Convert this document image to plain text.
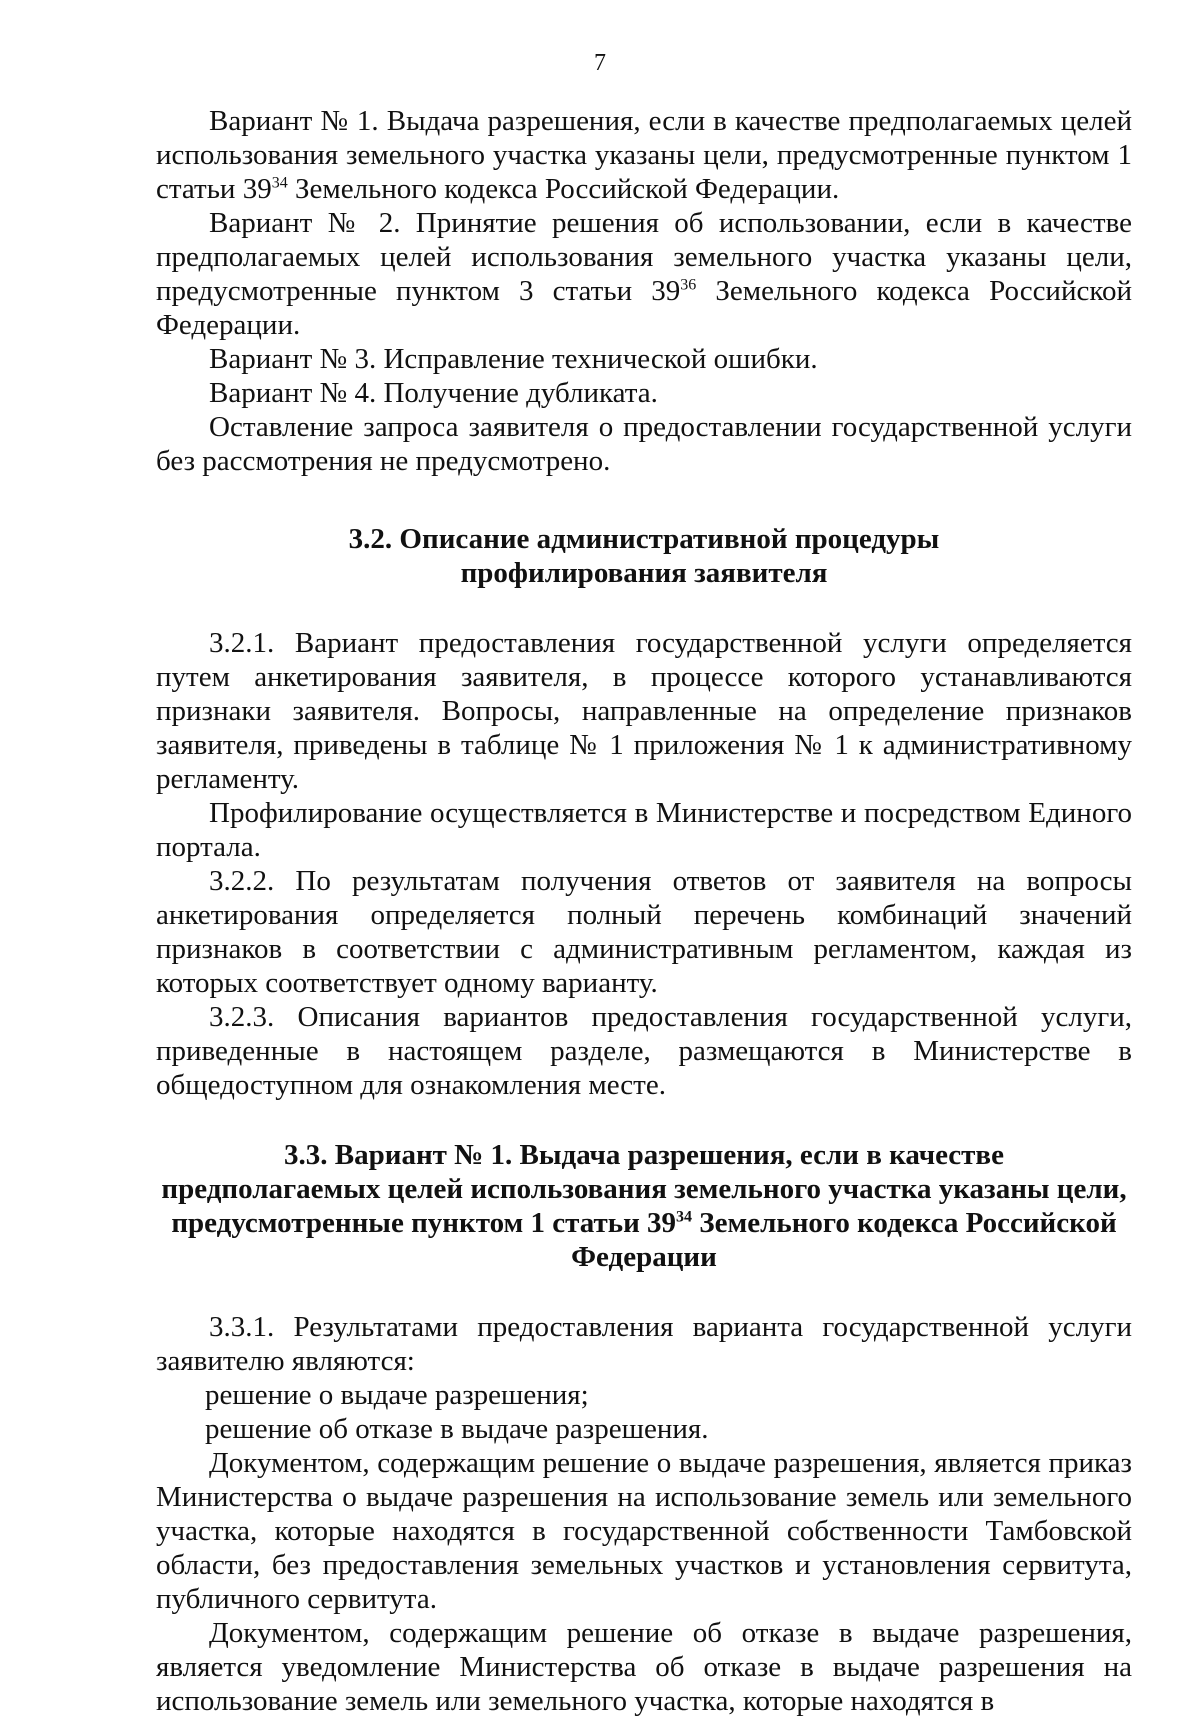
7

Вариант № 1. Выдача разрешения, если в качестве предполагаемых целей использования земельного участка указаны цели, предусмотренные пунктом 1 статьи $39^{34}$ Земельного кодекса Российской Федерации.

Вариант № 2. Принятие решения об использовании, если в качестве предполагаемых целей использования земельного участка указаны цели, предусмотренные пунктом 3 статьи $39^{36}$ Земельного кодекса Российской Федерации.

Вариант № 3. Исправление технической ошибки.

Вариант № 4. Получение дубликата.

Оставление запроса заявителя о предоставлении государственной услуги без рассмотрения не предусмотрено.

3.2. Описание административной процедуры
профилирования заявителя

3.2.1. Вариант предоставления государственной услуги определяется путем анкетирования заявителя, в процессе которого устанавливаются признаки заявителя. Вопросы, направленные на определение признаков заявителя, приведены в таблице № 1 приложения № 1 к административному регламенту.

Профилирование осуществляется в Министерстве и посредством Единого портала.

3.2.2. По результатам получения ответов от заявителя на вопросы анкетирования определяется полный перечень комбинаций значений признаков в соответствии с административным регламентом, каждая из которых соответствует одному варианту.

3.2.3. Описания вариантов предоставления государственной услуги, приведенные в настоящем разделе, размещаются в Министерстве в общедоступном для ознакомления месте.

3.3. Вариант № 1. Выдача разрешения, если в качестве
предполагаемых целей использования земельного участка указаны цели,
предусмотренные пунктом 1 статьи $39^{34}$ Земельного кодекса Российской
Федерации

3.3.1. Результатами предоставления варианта государственной услуги заявителю являются:

решение о выдаче разрешения;

решение об отказе в выдаче разрешения.

Документом, содержащим решение о выдаче разрешения, является приказ Министерства о выдаче разрешения на использование земель или земельного участка, которые находятся в государственной собственности Тамбовской области, без предоставления земельных участков и установления сервитута, публичного сервитута.

Документом, содержащим решение об отказе в выдаче разрешения, является уведомление Министерства об отказе в выдаче разрешения на использование земель или земельного участка, которые находятся в
